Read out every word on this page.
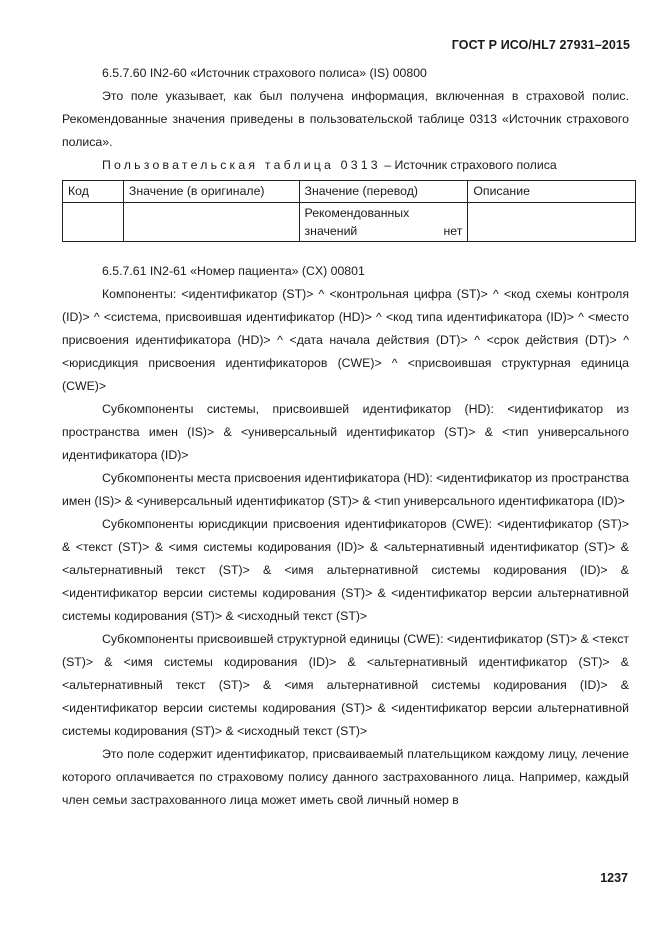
ГОСТ Р ИСО/HL7 27931–2015

6.5.7.60 IN2-60 «Источник страхового полиса» (IS) 00800

Это поле указывает, как был получена информация, включенная в страховой полис. Рекомендованные значения приведены в пользовательской таблице 0313 «Источник страхового полиса».

Пользовательская таблица 0313 – Источник страхового полиса

Код	Значение (в оригинале)	Значение (перевод)	Описание
		Рекомендованных значений нет	

6.5.7.61 IN2-61 «Номер пациента» (CX) 00801

Компоненты: <идентификатор (ST)> ^ <контрольная цифра (ST)> ^ <код схемы контроля (ID)> ^ <система, присвоившая идентификатор (HD)> ^ <код типа идентификатора (ID)> ^ <место присвоения идентификатора (HD)> ^ <дата начала действия (DT)> ^ <срок действия (DT)> ^ <юрисдикция присвоения идентификаторов (CWE)> ^ <присвоившая структурная единица (CWE)>

Субкомпоненты системы, присвоившей идентификатор (HD): <идентификатор из пространства имен (IS)> & <универсальный идентификатор (ST)> & <тип универсального идентификатора (ID)>

Субкомпоненты места присвоения идентификатора (HD): <идентификатор из пространства имен (IS)> & <универсальный идентификатор (ST)> & <тип универсального идентификатора (ID)>

Субкомпоненты юрисдикции присвоения идентификаторов (CWE): <идентификатор (ST)> & <текст (ST)> & <имя системы кодирования (ID)> & <альтернативный идентификатор (ST)> & <альтернативный текст (ST)> & <имя альтернативной системы кодирования (ID)> & <идентификатор версии системы кодирования (ST)> & <идентификатор версии альтернативной системы кодирования (ST)> & <исходный текст (ST)>

Субкомпоненты присвоившей структурной единицы (CWE): <идентификатор (ST)> & <текст (ST)> & <имя системы кодирования (ID)> & <альтернативный идентификатор (ST)> & <альтернативный текст (ST)> & <имя альтернативной системы кодирования (ID)> & <идентификатор версии системы кодирования (ST)> & <идентификатор версии альтернативной системы кодирования (ST)> & <исходный текст (ST)>

Это поле содержит идентификатор, присваиваемый плательщиком каждому лицу, лечение которого оплачивается по страховому полису данного застрахованного лица. Например, каждый член семьи застрахованного лица может иметь свой личный номер в

1237
